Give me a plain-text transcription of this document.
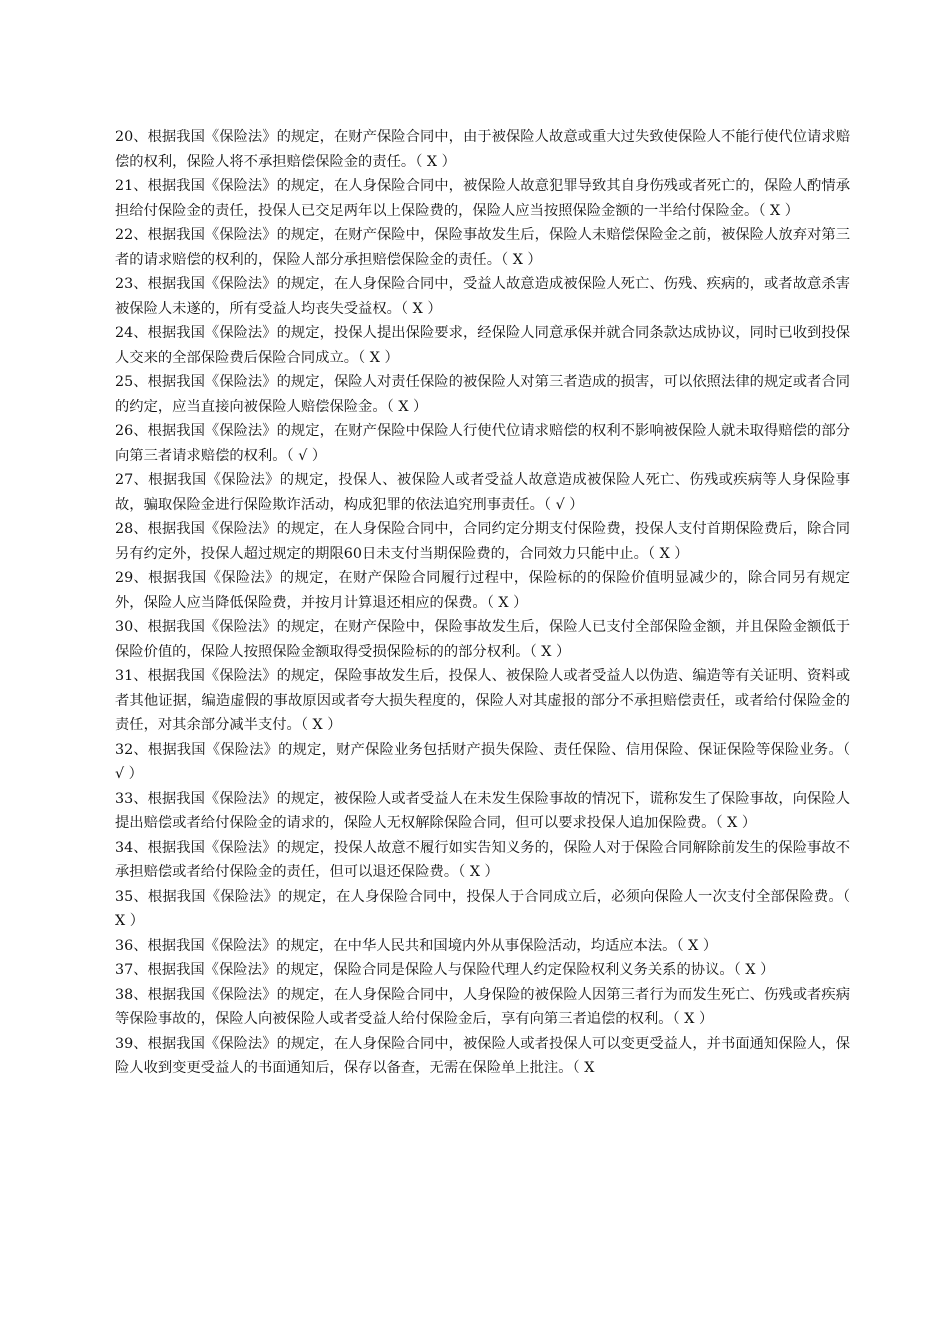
20、根据我国《保险法》的规定，在财产保险合同中，由于被保险人故意或重大过失致使保险人不能行使代位请求赔偿的权利，保险人将不承担赔偿保险金的责任。（ X ）

21、根据我国《保险法》的规定，在人身保险合同中，被保险人故意犯罪导致其自身伤残或者死亡的，保险人酌情承担给付保险金的责任，投保人已交足两年以上保险费的，保险人应当按照保险金额的一半给付保险金。（ X ）

22、根据我国《保险法》的规定，在财产保险中，保险事故发生后，保险人未赔偿保险金之前，被保险人放弃对第三者的请求赔偿的权利的，保险人部分承担赔偿保险金的责任。（ X ）

23、根据我国《保险法》的规定，在人身保险合同中，受益人故意造成被保险人死亡、伤残、疾病的，或者故意杀害被保险人未遂的，所有受益人均丧失受益权。（ X ）

24、根据我国《保险法》的规定，投保人提出保险要求，经保险人同意承保并就合同条款达成协议，同时已收到投保人交来的全部保险费后保险合同成立。（ X ）

25、根据我国《保险法》的规定，保险人对责任保险的被保险人对第三者造成的损害，可以依照法律的规定或者合同的约定，应当直接向被保险人赔偿保险金。（ X ）

26、根据我国《保险法》的规定，在财产保险中保险人行使代位请求赔偿的权利不影响被保险人就未取得赔偿的部分向第三者请求赔偿的权利。（ √ ）

27、根据我国《保险法》的规定，投保人、被保险人或者受益人故意造成被保险人死亡、伤残或疾病等人身保险事故，骗取保险金进行保险欺诈活动，构成犯罪的依法追究刑事责任。（ √ ）

28、根据我国《保险法》的规定，在人身保险合同中，合同约定分期支付保险费，投保人支付首期保险费后，除合同另有约定外，投保人超过规定的期限60日未支付当期保险费的，合同效力只能中止。（ X ）

29、根据我国《保险法》的规定，在财产保险合同履行过程中，保险标的的保险价值明显减少的，除合同另有规定外，保险人应当降低保险费，并按月计算退还相应的保费。（ X ）

30、根据我国《保险法》的规定，在财产保险中，保险事故发生后，保险人已支付全部保险金额，并且保险金额低于保险价值的，保险人按照保险金额取得受损保险标的的部分权利。（ X ）

31、根据我国《保险法》的规定，保险事故发生后，投保人、被保险人或者受益人以伪造、编造等有关证明、资料或者其他证据，编造虚假的事故原因或者夸大损失程度的，保险人对其虚报的部分不承担赔偿责任，或者给付保险金的责任，对其余部分减半支付。（ X ）

32、根据我国《保险法》的规定，财产保险业务包括财产损失保险、责任保险、信用保险、保证保险等保险业务。（ √ ）

33、根据我国《保险法》的规定，被保险人或者受益人在未发生保险事故的情况下，谎称发生了保险事故，向保险人提出赔偿或者给付保险金的请求的，保险人无权解除保险合同，但可以要求投保人追加保险费。（ X ）

34、根据我国《保险法》的规定，投保人故意不履行如实告知义务的，保险人对于保险合同解除前发生的保险事故不承担赔偿或者给付保险金的责任，但可以退还保险费。（ X ）

35、根据我国《保险法》的规定，在人身保险合同中，投保人于合同成立后，必须向保险人一次支付全部保险费。（ X ）

36、根据我国《保险法》的规定，在中华人民共和国境内外从事保险活动，均适应本法。（ X ）

37、根据我国《保险法》的规定，保险合同是保险人与保险代理人约定保险权利义务关系的协议。（ X ）

38、根据我国《保险法》的规定，在人身保险合同中，人身保险的被保险人因第三者行为而发生死亡、伤残或者疾病等保险事故的，保险人向被保险人或者受益人给付保险金后，享有向第三者追偿的权利。（ X ）

39、根据我国《保险法》的规定，在人身保险合同中，被保险人或者投保人可以变更受益人，并书面通知保险人，保险人收到变更受益人的书面通知后，保存以备查，无需在保险单上批注。（ X
